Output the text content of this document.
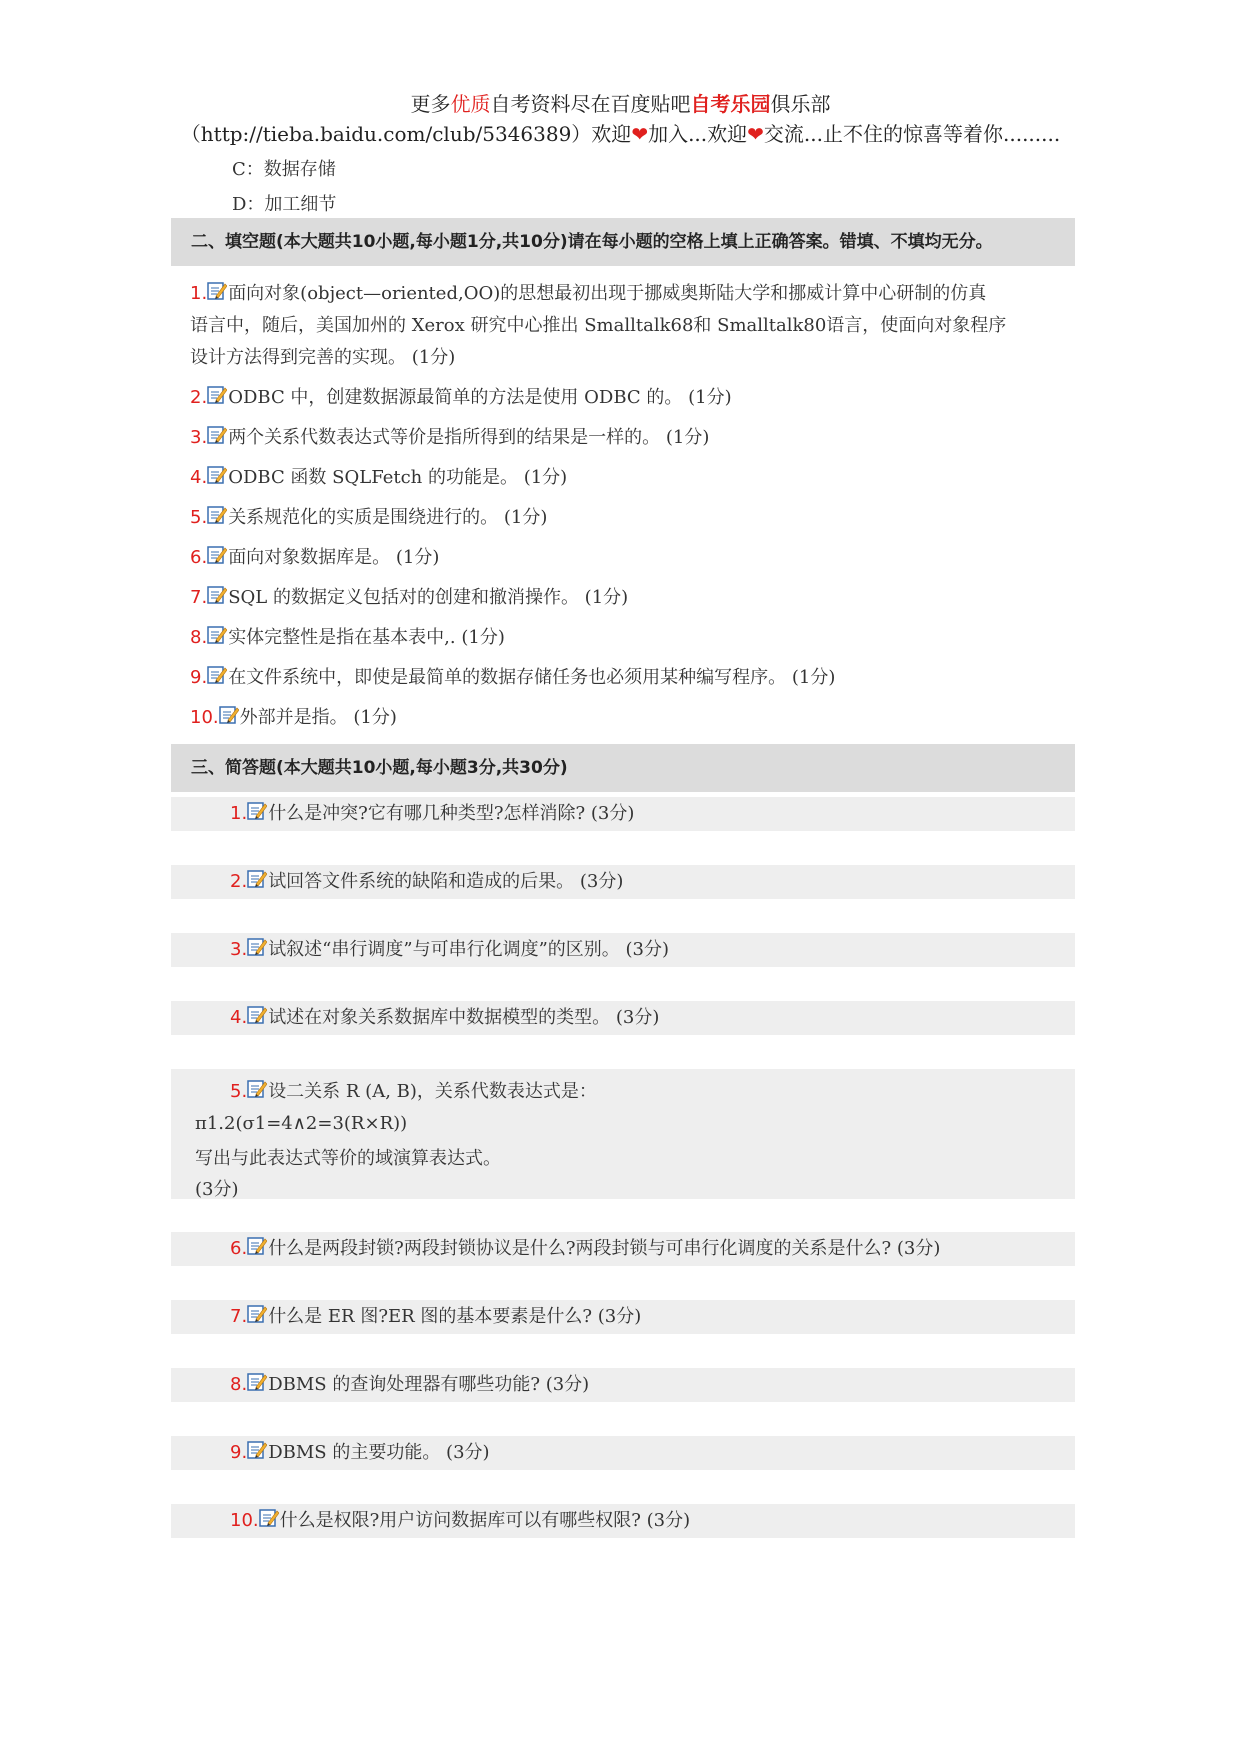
更多优质自考资料尽在百度贴吧自考乐园俱乐部
（http://tieba.baidu.com/club/5346389）欢迎❤加入...欢迎❤交流...止不住的惊喜等着你.........
C：数据存储
D：加工细节
二、填空题(本大题共10小题,每小题1分,共10分)请在每小题的空格上填上正确答案。错填、不填均无分。
1. 面向对象(object—oriented,OO)的思想最初出现于挪威奥斯陆大学和挪威计算中心研制的仿真
语言中，随后，美国加州的 Xerox 研究中心推出 Smalltalk68和 Smalltalk80语言，使面向对象程序
设计方法得到完善的实现。 (1分)
2. ODBC 中，创建数据源最简单的方法是使用 ODBC 的。 (1分)
3. 两个关系代数表达式等价是指所得到的结果是一样的。 (1分)
4. ODBC 函数 SQLFetch 的功能是。 (1分)
5. 关系规范化的实质是围绕进行的。 (1分)
6. 面向对象数据库是。 (1分)
7. SQL 的数据定义包括对的创建和撤消操作。 (1分)
8. 实体完整性是指在基本表中,. (1分)
9. 在文件系统中，即使是最简单的数据存储任务也必须用某种编写程序。 (1分)
10. 外部并是指。 (1分)
三、简答题(本大题共10小题,每小题3分,共30分)
1. 什么是冲突?它有哪几种类型?怎样消除? (3分)
2. 试回答文件系统的缺陷和造成的后果。 (3分)
3. 试叙述“串行调度”与可串行化调度”的区别。 (3分)
4. 试述在对象关系数据库中数据模型的类型。 (3分)
5. 设二关系 R (A, B)，关系代数表达式是：
π1.2(σ1=4∧2=3(R×R))
写出与此表达式等价的域演算表达式。
(3分)
6. 什么是两段封锁?两段封锁协议是什么?两段封锁与可串行化调度的关系是什么? (3分)
7. 什么是 ER 图?ER 图的基本要素是什么? (3分)
8. DBMS 的查询处理器有哪些功能? (3分)
9. DBMS 的主要功能。 (3分)
10. 什么是权限?用户访问数据库可以有哪些权限? (3分)
